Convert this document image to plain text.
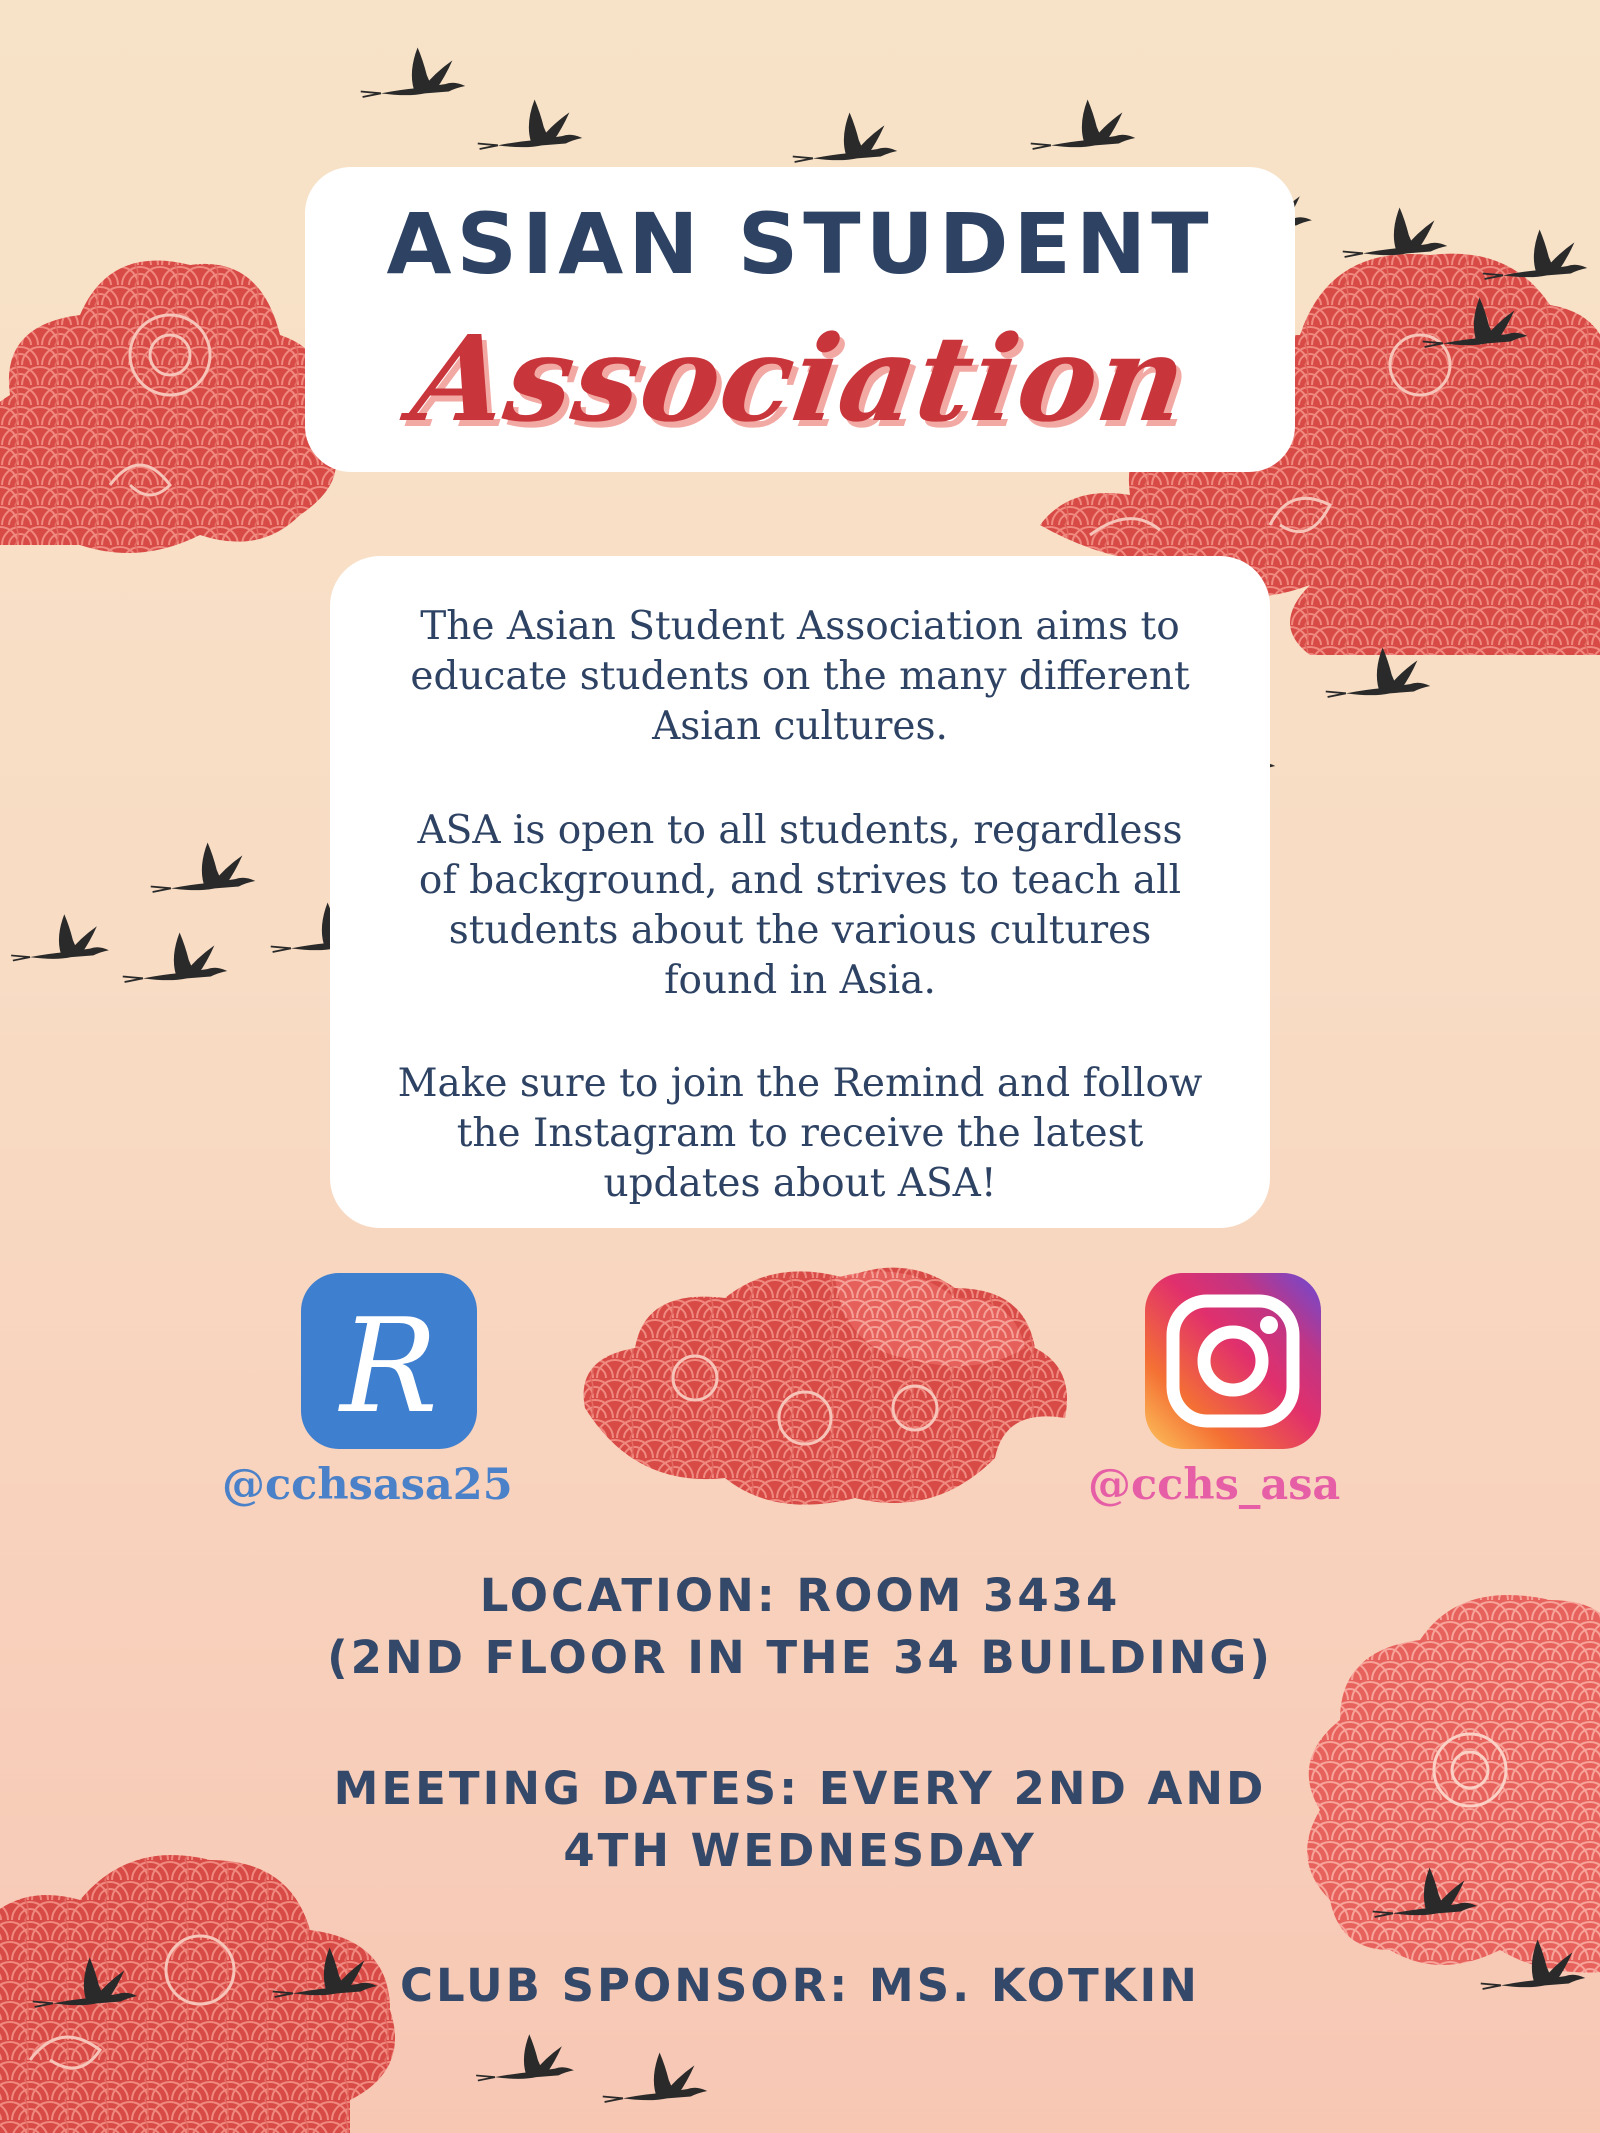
ASIAN STUDENT
Association
The Asian Student Association aims to
educate students on the many different
Asian cultures.
ASA is open to all students, regardless
of background, and strives to teach all
students about the various cultures
found in Asia.
Make sure to join the Remind and follow
the Instagram to receive the latest
updates about ASA!
R
@cchsasa25	@cchs_asa
LOCATION: ROOM 3434
(2ND FLOOR IN THE 34 BUILDING)
MEETING DATES: EVERY 2ND AND
4TH WEDNESDAY
CLUB SPONSOR: MS. KOTKIN
